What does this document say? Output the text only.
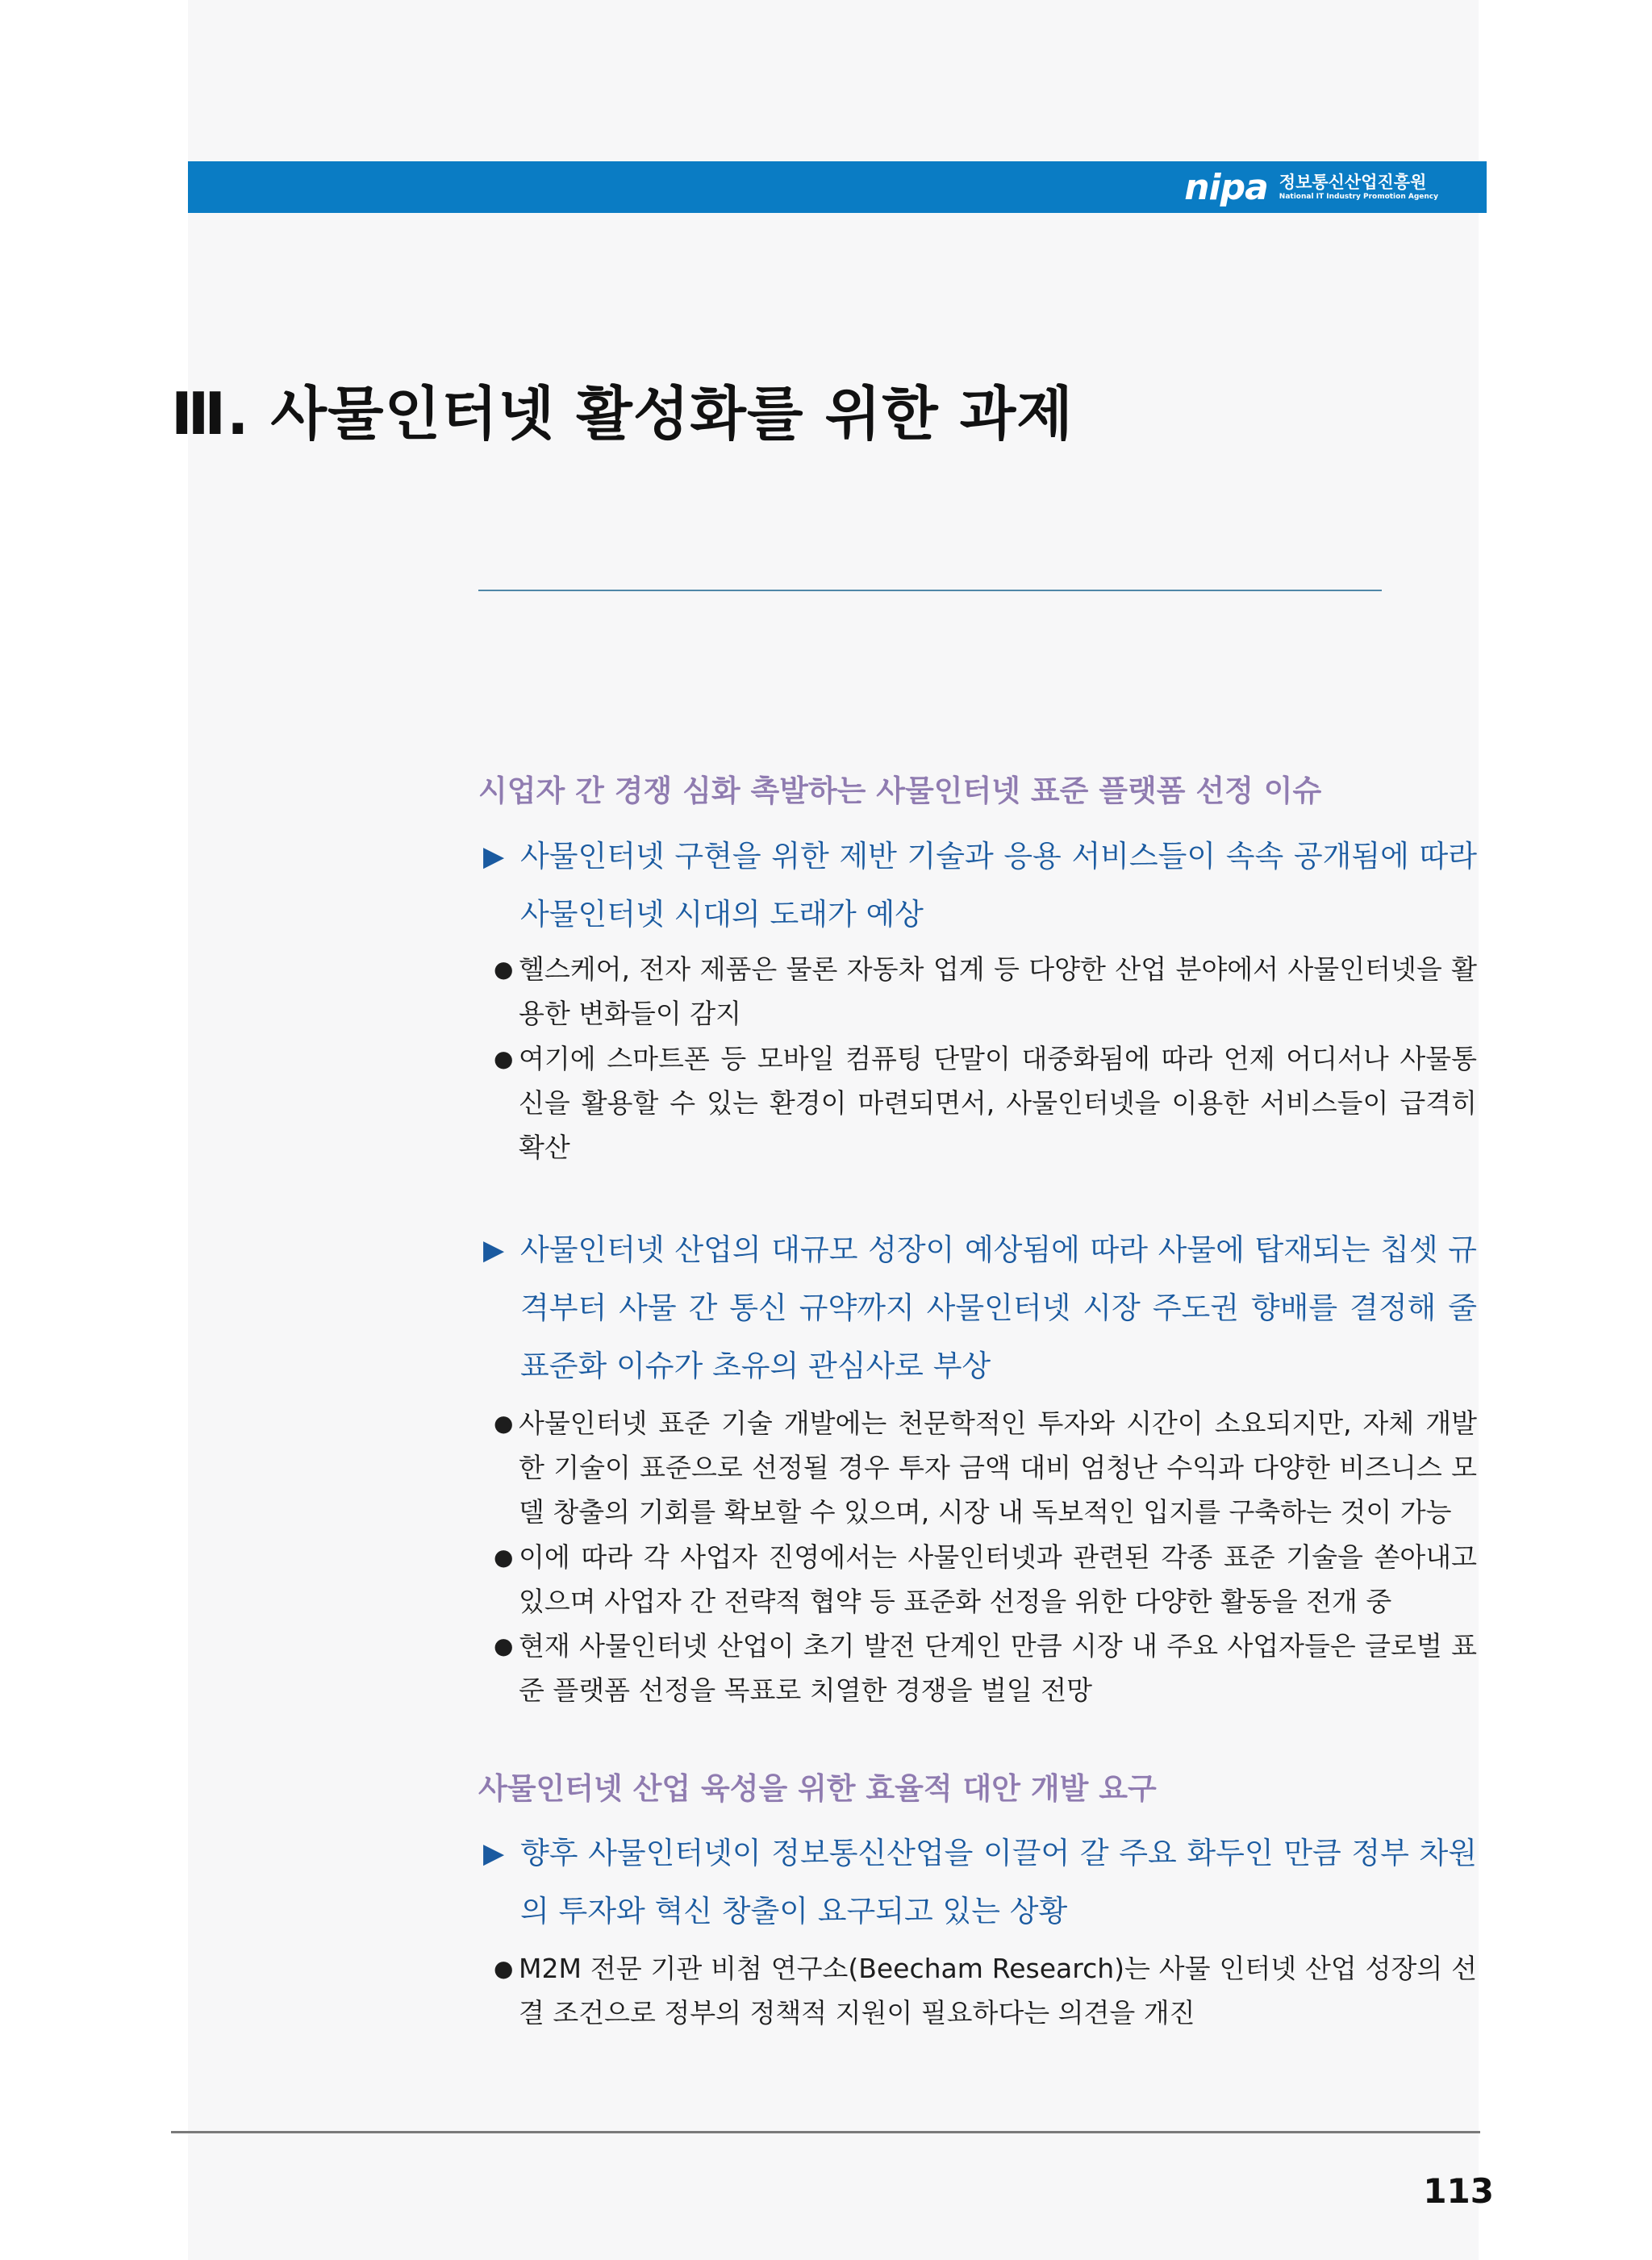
nipa 정보통신산업진흥원
National IT Industry Promotion Agency
Ⅲ. 사물인터넷 활성화를 위한 과제
시업자 간 경쟁 심화 촉발하는 사물인터넷 표준 플랫폼 선정 이슈
▶ 사물인터넷 구현을 위한 제반 기술과 응용 서비스들이 속속 공개됨에 따라 사물인터넷 시대의 도래가 예상
● 헬스케어, 전자 제품은 물론 자동차 업계 등 다양한 산업 분야에서 사물인터넷을 활용한 변화들이 감지
● 여기에 스마트폰 등 모바일 컴퓨팅 단말이 대중화됨에 따라 언제 어디서나 사물통신을 활용할 수 있는 환경이 마련되면서, 사물인터넷을 이용한 서비스들이 급격히 확산
▶ 사물인터넷 산업의 대규모 성장이 예상됨에 따라 사물에 탑재되는 칩셋 규격부터 사물 간 통신 규약까지 사물인터넷 시장 주도권 향배를 결정해 줄 표준화 이슈가 초유의 관심사로 부상
● 사물인터넷 표준 기술 개발에는 천문학적인 투자와 시간이 소요되지만, 자체 개발한 기술이 표준으로 선정될 경우 투자 금액 대비 엄청난 수익과 다양한 비즈니스 모델 창출의 기회를 확보할 수 있으며, 시장 내 독보적인 입지를 구축하는 것이 가능
● 이에 따라 각 사업자 진영에서는 사물인터넷과 관련된 각종 표준 기술을 쏟아내고 있으며 사업자 간 전략적 협약 등 표준화 선정을 위한 다양한 활동을 전개 중
● 현재 사물인터넷 산업이 초기 발전 단계인 만큼 시장 내 주요 사업자들은 글로벌 표준 플랫폼 선정을 목표로 치열한 경쟁을 벌일 전망
사물인터넷 산업 육성을 위한 효율적 대안 개발 요구
▶ 향후 사물인터넷이 정보통신산업을 이끌어 갈 주요 화두인 만큼 정부 차원의 투자와 혁신 창출이 요구되고 있는 상황
● M2M 전문 기관 비첨 연구소(Beecham Research)는 사물 인터넷 산업 성장의 선결 조건으로 정부의 정책적 지원이 필요하다는 의견을 개진
113
